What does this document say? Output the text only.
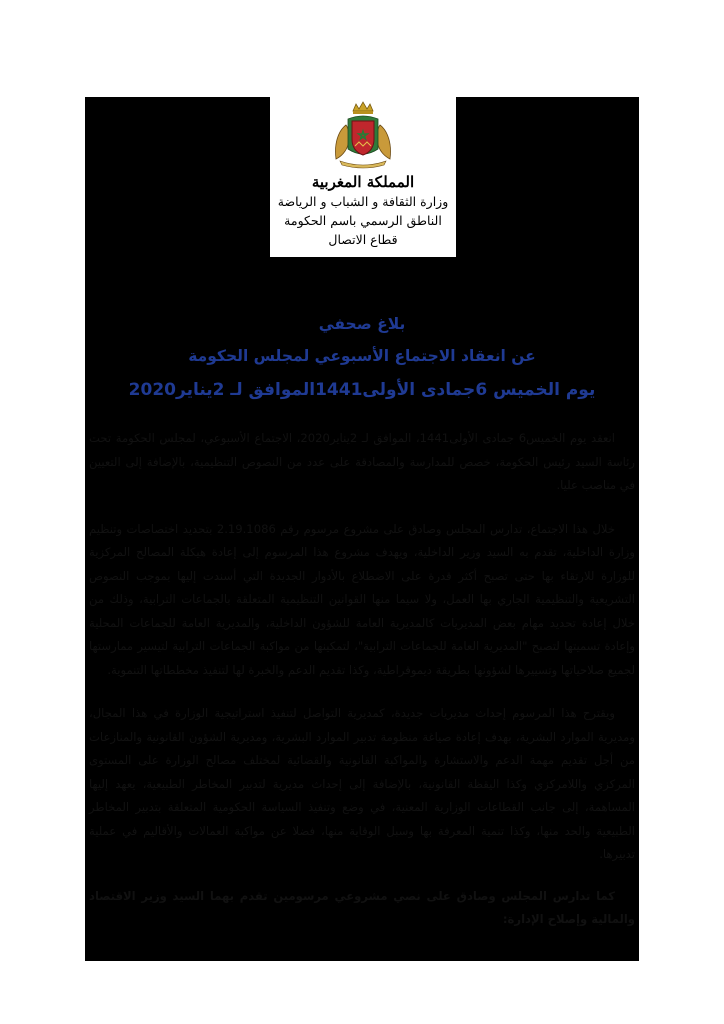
المملكة المغربية
وزارة الثقافة و الشباب و الرياضة
الناطق الرسمي باسم الحكومة
قطاع الاتصال
بلاغ صحفي
عن انعقاد الاجتماع الأسبوعي لمجلس الحكومة
يوم الخميس 6جمادى الأولى1441الموافق لـ 2يناير2020

انعقد يوم الخميس6 جمادى الأولى1441، الموافق لـ 2يناير2020، الاجتماع الأسبوعي، لمجلس الحكومة تحت رئاسة السيد رئيس الحكومة، خصص للمدارسة والمصادقة على عدد من النصوص التنظيمية، بالإضافة إلى التعيين في مناصب عليا.

خلال هذا الاجتماع، تدارس المجلس وصادق على مشروع مرسوم رقم 2.19.1086 بتحديد اختصاصات وتنظيم وزارة الداخلية، تقدم به السيد وزير الداخلية، ويهدف مشروع هذا المرسوم إلى إعادة هيكلة المصالح المركزية للوزارة للارتقاء بها حتى تصبح أكثر قدرة على الاضطلاع بالأدوار الجديدة التي أسندت إليها بموجب النصوص التشريعية والتنظيمية الجاري بها العمل، ولا سيما منها القوانين التنظيمية المتعلقة بالجماعات الترابية، وذلك من خلال إعادة تحديد مهام بعض المديريات كالمديرية العامة للشؤون الداخلية، والمديرية العامة للجماعات المحلية وإعادة تسميتها لتصبح "المديرية العامة للجماعات الترابية"، لتمكينها من مواكبة الجماعات الترابية لتيسير ممارستها لجميع صلاحياتها وتسييرها لشؤونها بطريقة ديموقراطية، وكذا تقديم الدعم والخبرة لها لتنفيذ مخططاتها التنموية.

ويقترح هذا المرسوم إحداث مديريات جديدة، كمديرية التواصل لتنفيذ استراتيجية الوزارة في هذا المجال، ومديرية الموارد البشرية، بهدف إعادة صياغة منظومة تدبير الموارد البشرية، ومديرية الشؤون القانونية والمنازعات من أجل تقديم مهمة الدعم والاستشارة والمواكبة القانونية والقضائية لمختلف مصالح الوزارة على المستوى المركزي واللامركزي وكذا اليقظة القانونية، بالإضافة إلى إحداث مديرية لتدبير المخاطر الطبيعية، يعهد إليها المساهمة، إلى جانب القطاعات الوزارية المعنية، في وضع وتنفيذ السياسة الحكومية المتعلقة بتدبير المخاطر الطبيعية والحد منها، وكذا تنمية المعرفة بها وسبل الوقاية منها، فضلا عن مواكبة العمالات والأقاليم في عملية تدبيرها.

كما تدارس المجلس وصادق على نصي مشروعي مرسومين تقدم بهما السيد وزير الاقتصاد والمالية وإصلاح الإدارة:
